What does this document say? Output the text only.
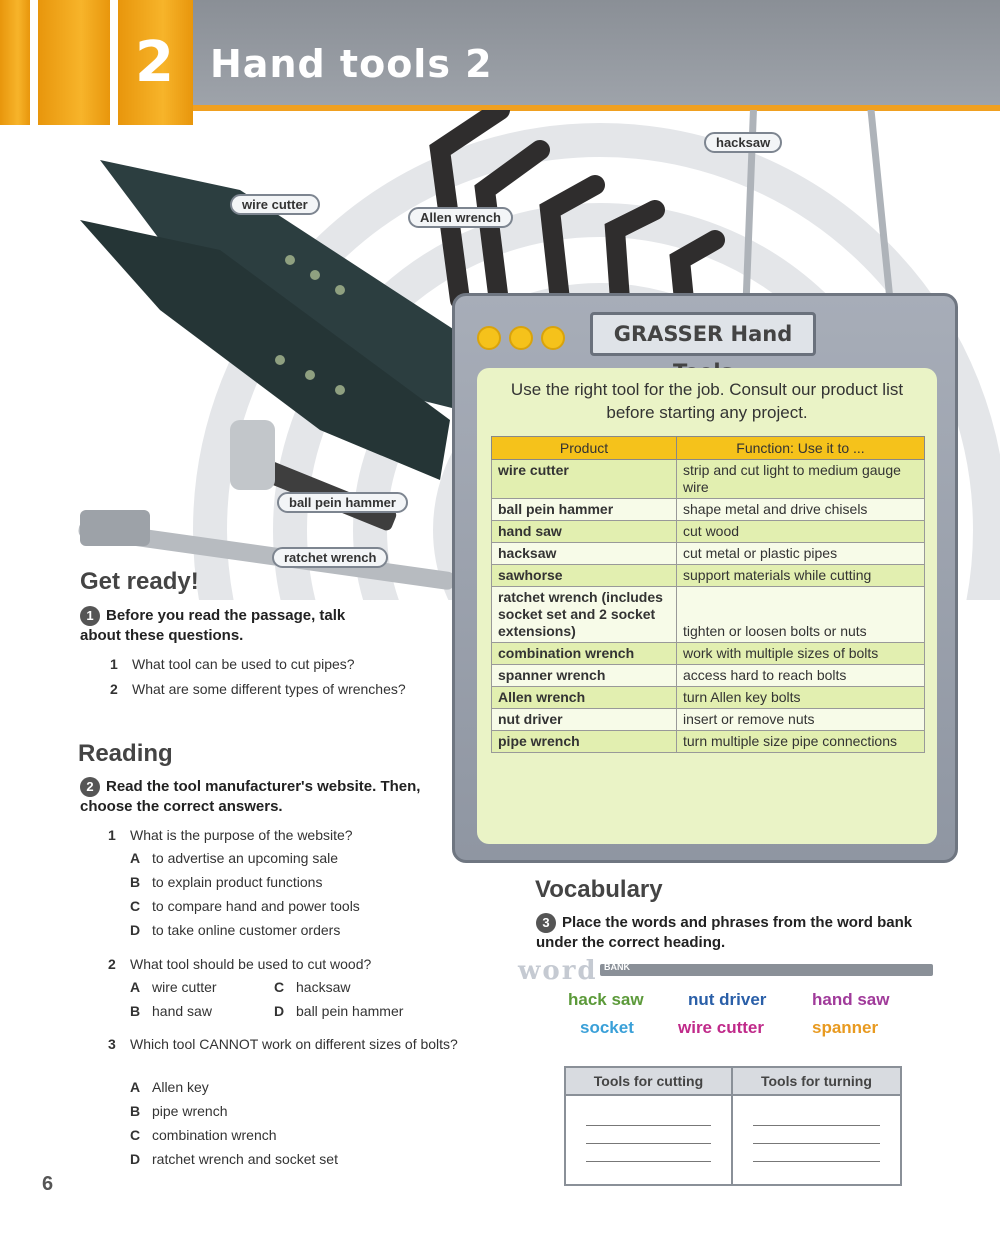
2 Hand tools 2
wire cutter
Allen wrench
hacksaw
ball pein hammer
ratchet wrench
Get ready!
1 Before you read the passage, talk about these questions.
1 What tool can be used to cut pipes?
2 What are some different types of wrenches?
Reading
2 Read the tool manufacturer's website. Then, choose the correct answers.
1 What is the purpose of the website?
A to advertise an upcoming sale
B to explain product functions
C to compare hand and power tools
D to take online customer orders
2 What tool should be used to cut wood?
A wire cutter	C hacksaw
B hand saw	D ball pein hammer
3 Which tool CANNOT work on different sizes of bolts?
A Allen key
B pipe wrench
C combination wrench
D ratchet wrench and socket set
GRASSER Hand
Use the right tool for the job. Consult our product list before starting any project.
Product	Function: Use it to ...
wire cutter	strip and cut light to medium gauge wire
ball pein hammer	shape metal and drive chisels
hand saw	cut wood
hacksaw	cut metal or plastic pipes
sawhorse	support materials while cutting
ratchet wrench (includes socket set and 2 socket extensions)	tighten or loosen bolts or nuts
combination wrench	work with multiple sizes of bolts
spanner wrench	access hard to reach bolts
Allen wrench	turn Allen key bolts
nut driver	insert or remove nuts
pipe wrench	turn multiple size pipe connections
Vocabulary
3 Place the words and phrases from the word bank under the correct heading.
word BANK
hack saw	nut driver	hand saw
socket	wire cutter	spanner
Tools for cutting	Tools for turning

6
